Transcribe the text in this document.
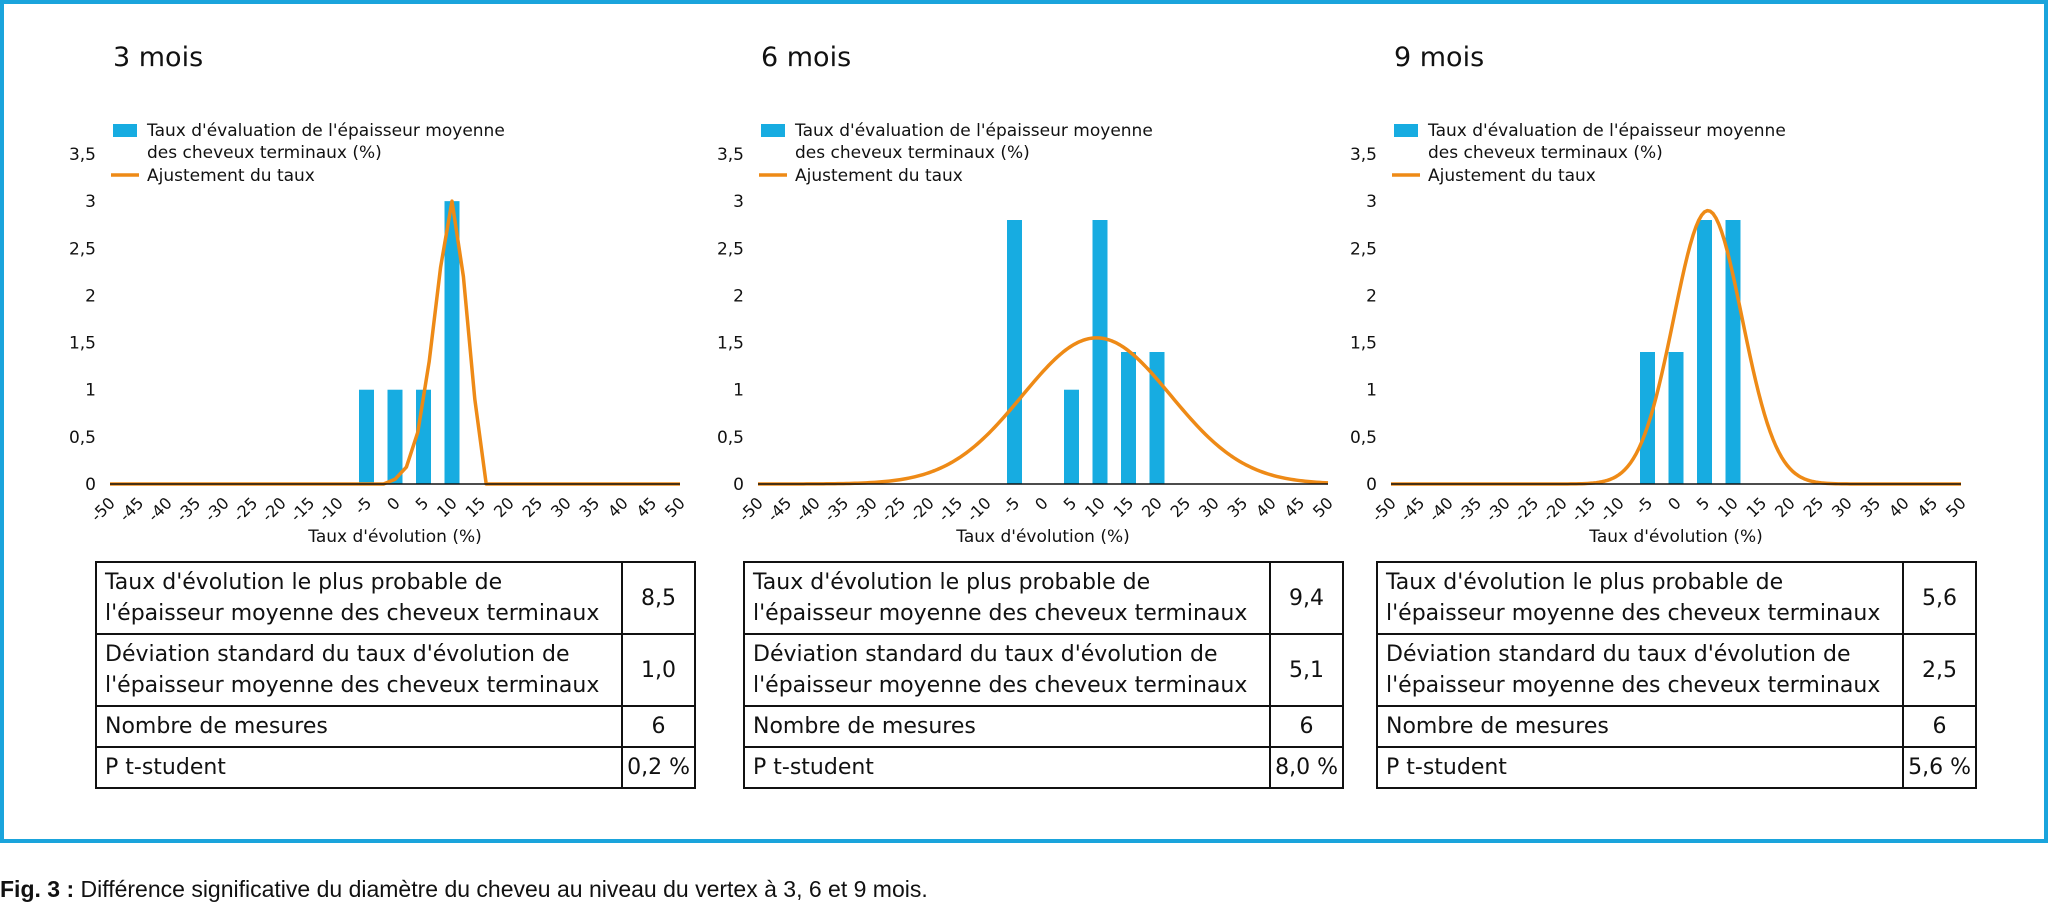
3 mois
0
0,5
1
1,5
2
2,5
3
3,5
-50
-45
-40
-35
-30
-25
-20
-15
-10 -5 0 5 10 15 20 25 30 35 40 45 50
Taux d'évolution (%)
Taux d'évaluation de l'épaisseur moyenne
des cheveux terminaux (%)
Ajustement du taux
Taux d'évolution le plus probable de l'épaisseur moyenne des cheveux terminaux	8,5
Déviation standard du taux d'évolution de l'épaisseur moyenne des cheveux terminaux	1,0
Nombre de mesures	6
P t-student	0,2 %
6 mois
0
0,5
1
1,5
2
2,5
3
3,5
-50
-45
-40
-35
-30
-25
-20
-15
-10 -5 0 5 10 15 20 25 30 35 40 45 50
Taux d'évolution (%)
Taux d'évaluation de l'épaisseur moyenne
des cheveux terminaux (%)
Ajustement du taux
Taux d'évolution le plus probable de l'épaisseur moyenne des cheveux terminaux	9,4
Déviation standard du taux d'évolution de l'épaisseur moyenne des cheveux terminaux	5,1
Nombre de mesures	6
P t-student	8,0 %
9 mois
0
0,5
1
1,5
2
2,5
3
3,5
-50
-45
-40
-35
-30
-25
-20
-15
-10 -5 0 5 10 15 20 25 30 35 40 45 50
Taux d'évolution (%)
Taux d'évaluation de l'épaisseur moyenne
des cheveux terminaux (%)
Ajustement du taux
Taux d'évolution le plus probable de l'épaisseur moyenne des cheveux terminaux	5,6
Déviation standard du taux d'évolution de l'épaisseur moyenne des cheveux terminaux	2,5
Nombre de mesures	6
P t-student	5,6 %
Fig. 3 : Différence significative du diamètre du cheveu au niveau du vertex à 3, 6 et 9 mois.
